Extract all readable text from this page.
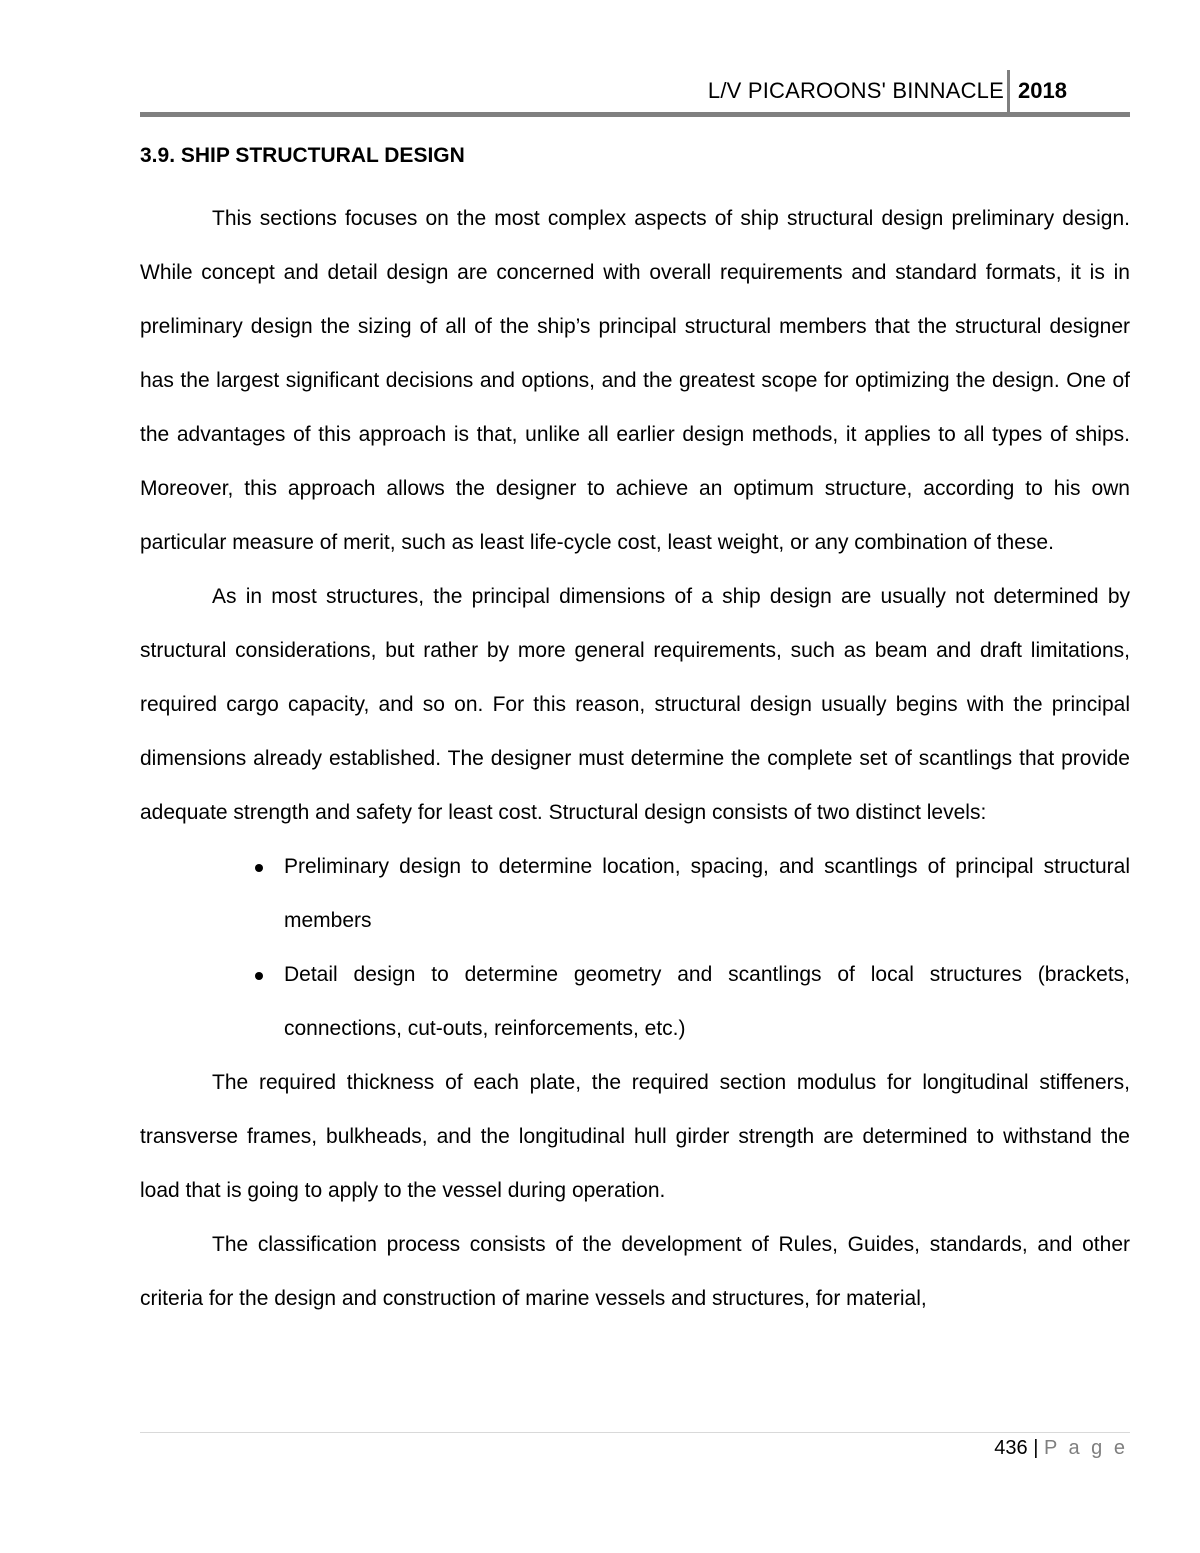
L/V PICAROONS' BINNACLE 2018
3.9. SHIP STRUCTURAL DESIGN

This sections focuses on the most complex aspects of ship structural design preliminary design. While concept and detail design are concerned with overall requirements and standard formats, it is in preliminary design the sizing of all of the ship’s principal structural members that the structural designer has the largest significant decisions and options, and the greatest scope for optimizing the design. One of the advantages of this approach is that, unlike all earlier design methods, it applies to all types of ships. Moreover, this approach allows the designer to achieve an optimum structure, according to his own particular measure of merit, such as least life-cycle cost, least weight, or any combination of these.

As in most structures, the principal dimensions of a ship design are usually not determined by structural considerations, but rather by more general requirements, such as beam and draft limitations, required cargo capacity, and so on. For this reason, structural design usually begins with the principal dimensions already established. The designer must determine the complete set of scantlings that provide adequate strength and safety for least cost. Structural design consists of two distinct levels:

Preliminary design to determine location, spacing, and scantlings of principal structural members
Detail design to determine geometry and scantlings of local structures (brackets, connections, cut-outs, reinforcements, etc.)

The required thickness of each plate, the required section modulus for longitudinal stiffeners, transverse frames, bulkheads, and the longitudinal hull girder strength are determined to withstand the load that is going to apply to the vessel during operation.

The classification process consists of the development of Rules, Guides, standards, and other criteria for the design and construction of marine vessels and structures, for material,

436 | P a g e
